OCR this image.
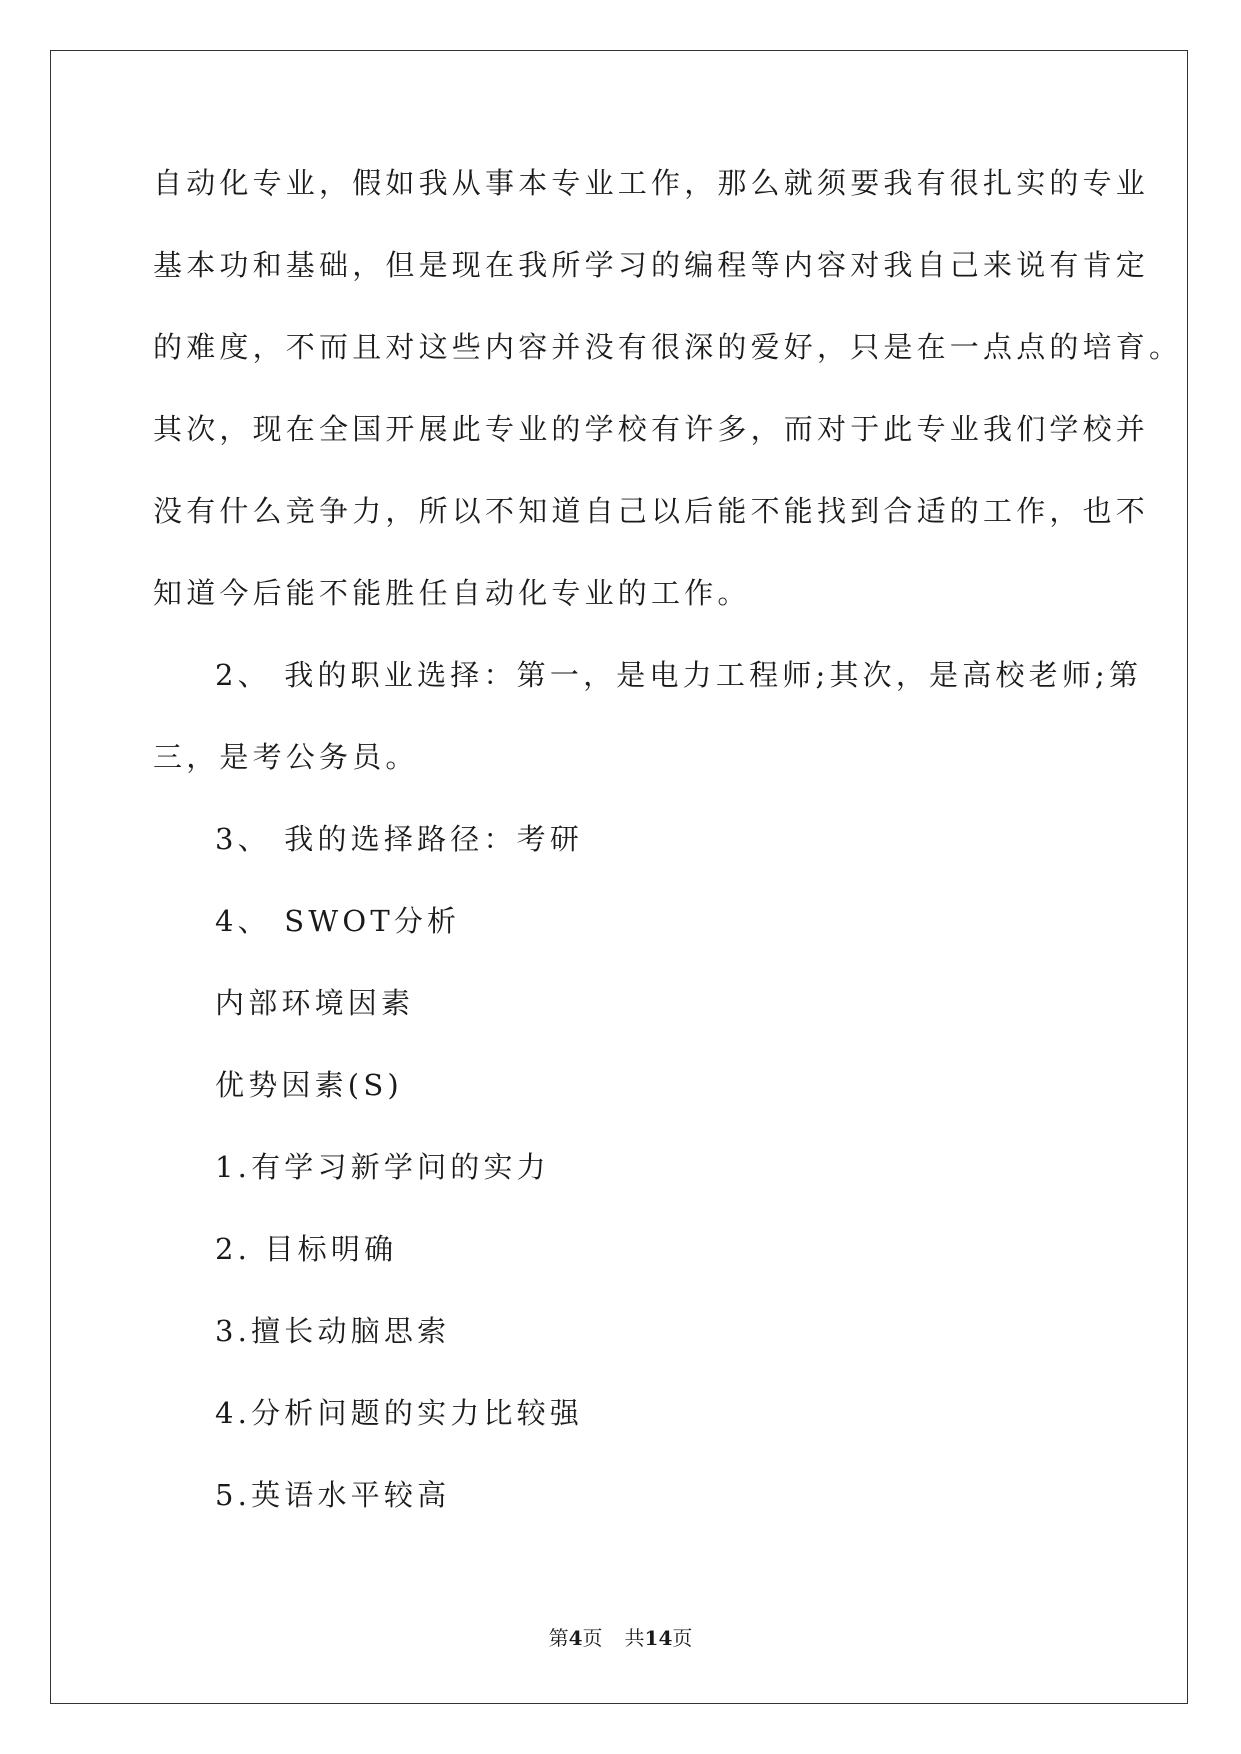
自动化专业，假如我从事本专业工作，那么就须要我有很扎实的专业
基本功和基础，但是现在我所学习的编程等内容对我自己来说有肯定
的难度，不而且对这些内容并没有很深的爱好，只是在一点点的培育。
其次，现在全国开展此专业的学校有许多，而对于此专业我们学校并
没有什么竞争力，所以不知道自己以后能不能找到合适的工作，也不
知道今后能不能胜任自动化专业的工作。
2、 我的职业选择：第一，是电力工程师;其次，是高校老师;第
三，是考公务员。
3、 我的选择路径：考研
4、 SWOT分析
内部环境因素
优势因素(S)
1.有学习新学问的实力
2. 目标明确
3.擅长动脑思索
4.分析问题的实力比较强
5.英语水平较高
第4页 共14页
